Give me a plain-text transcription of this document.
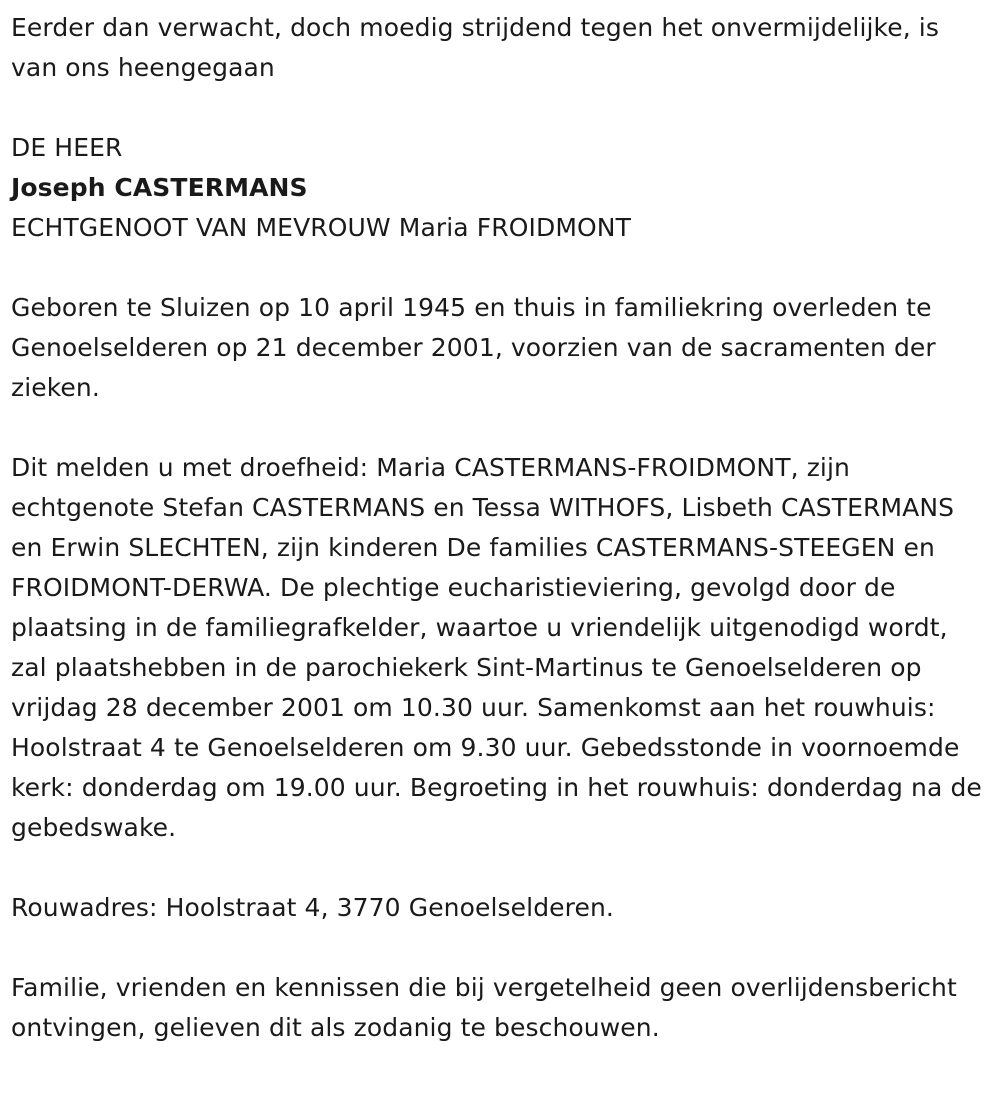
Eerder dan verwacht, doch moedig strijdend tegen het onvermijdelijke, is van ons heengegaan

DE HEER

Joseph CASTERMANS

ECHTGENOOT VAN MEVROUW Maria FROIDMONT

Geboren te Sluizen op 10 april 1945 en thuis in familiekring overleden te Genoelselderen op 21 december 2001, voorzien van de sacramenten der zieken.

Dit melden u met droefheid: Maria CASTERMANS-FROIDMONT, zijn echtgenote Stefan CASTERMANS en Tessa WITHOFS, Lisbeth CASTERMANS en Erwin SLECHTEN, zijn kinderen De families CASTERMANS-STEEGEN en FROIDMONT-DERWA. De plechtige eucharistieviering, gevolgd door de plaatsing in de familiegrafkelder, waartoe u vriendelijk uitgenodigd wordt, zal plaatshebben in de parochiekerk Sint-Martinus te Genoelselderen op vrijdag 28 december 2001 om 10.30 uur. Samenkomst aan het rouwhuis: Hoolstraat 4 te Genoelselderen om 9.30 uur. Gebedsstonde in voornoemde kerk: donderdag om 19.00 uur. Begroeting in het rouwhuis: donderdag na de gebedswake.

Rouwadres: Hoolstraat 4, 3770 Genoelselderen.

Familie, vrienden en kennissen die bij vergetelheid geen overlijdensbericht ontvingen, gelieven dit als zodanig te beschouwen.
